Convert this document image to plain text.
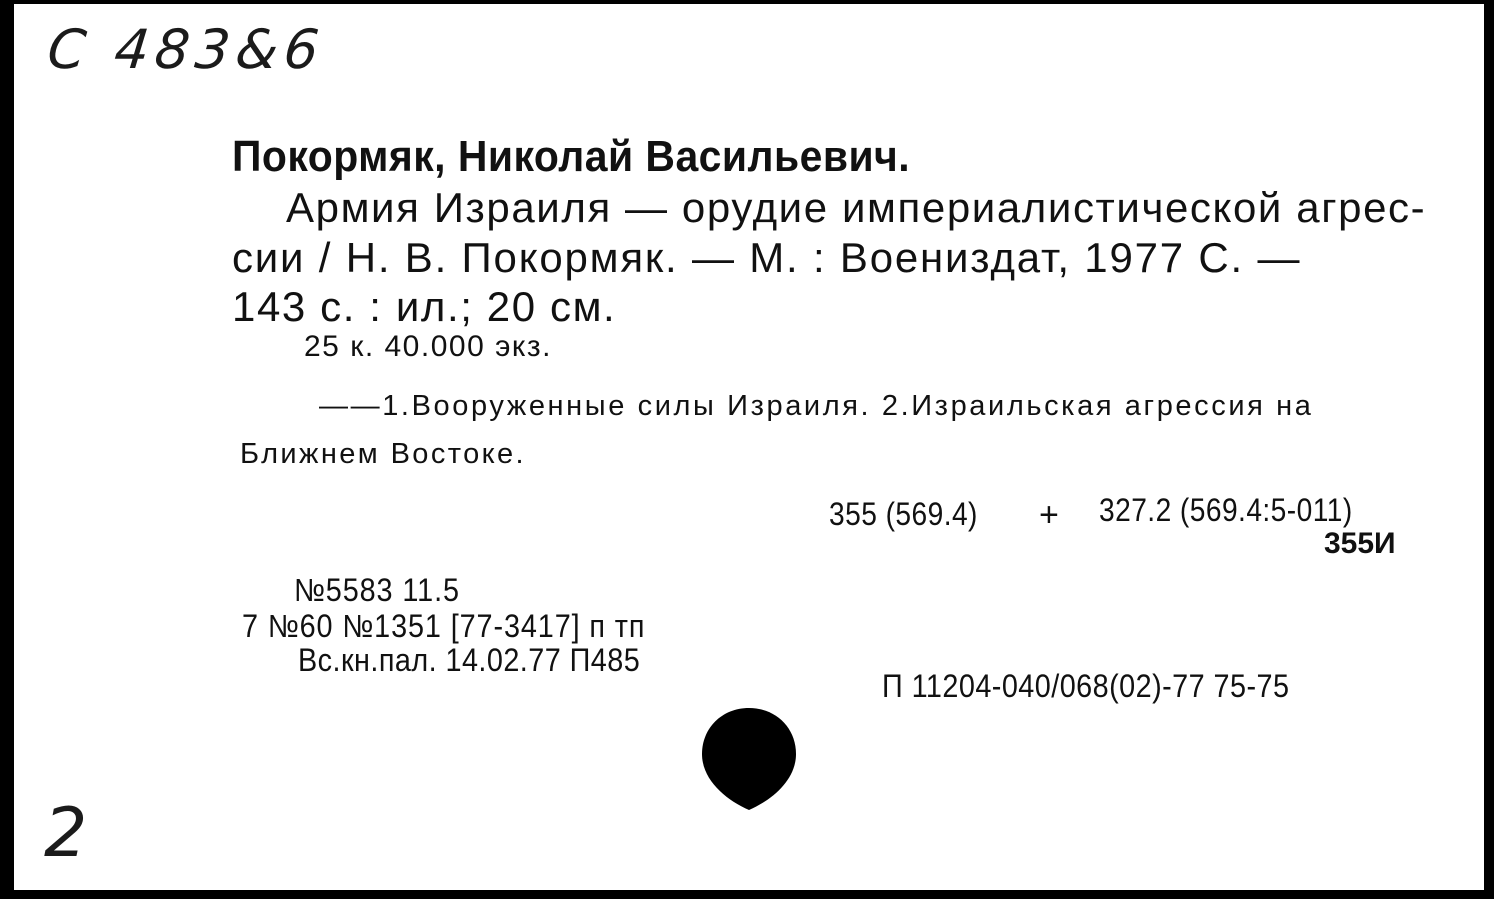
C 483&6
Покормяк, Николай Васильевич.
Армия Израиля — орудие империалистической агрес-
сии / Н. В. Покормяк. — М. : Воениздат, 1977 С. —
143 с. : ил.; 20 см.
25 к. 40.000 экз.
——1.Вооруженные силы Израиля. 2.Израильская агрессия на
Ближнем Востоке.
355 (569.4) + 327.2 (569.4:5-011)
355И
№5583 11.5
7 №60 №1351 [77-3417] п тп
Вс.кн.пал. 14.02.77 П485
П 11204-040/068(02)-77 75-75
2
